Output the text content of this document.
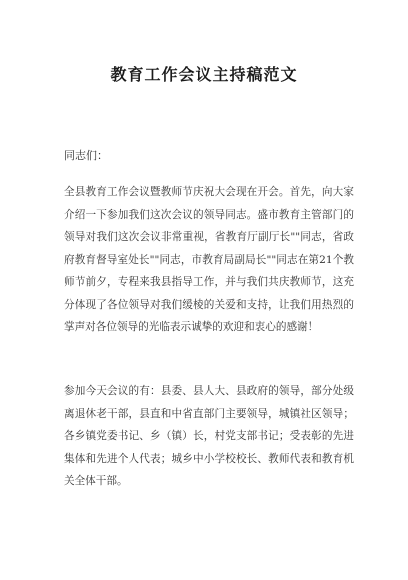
教育工作会议主持稿范文
同志们：

全县教育工作会议暨教师节庆祝大会现在开会。首先，向大家介绍一下参加我们这次会议的领导同志。盛市教育主管部门的领导对我们这次会议非常重视，省教育厅副厅长""同志，省政府教育督导室处长""同志，市教育局副局长""同志在第21个教师节前夕，专程来我县指导工作，并与我们共庆教师节，这充分体现了各位领导对我们缓棱的关爱和支持，让我们用热烈的掌声对各位领导的光临表示诚挚的欢迎和衷心的感谢！

参加今天会议的有：县委、县人大、县政府的领导，部分处级离退休老干部，县直和中省直部门主要领导，城镇社区领导；各乡镇党委书记、乡（镇）长，村党支部书记；受表彰的先进集体和先进个人代表；城乡中小学校校长、教师代表和教育机关全体干部。
